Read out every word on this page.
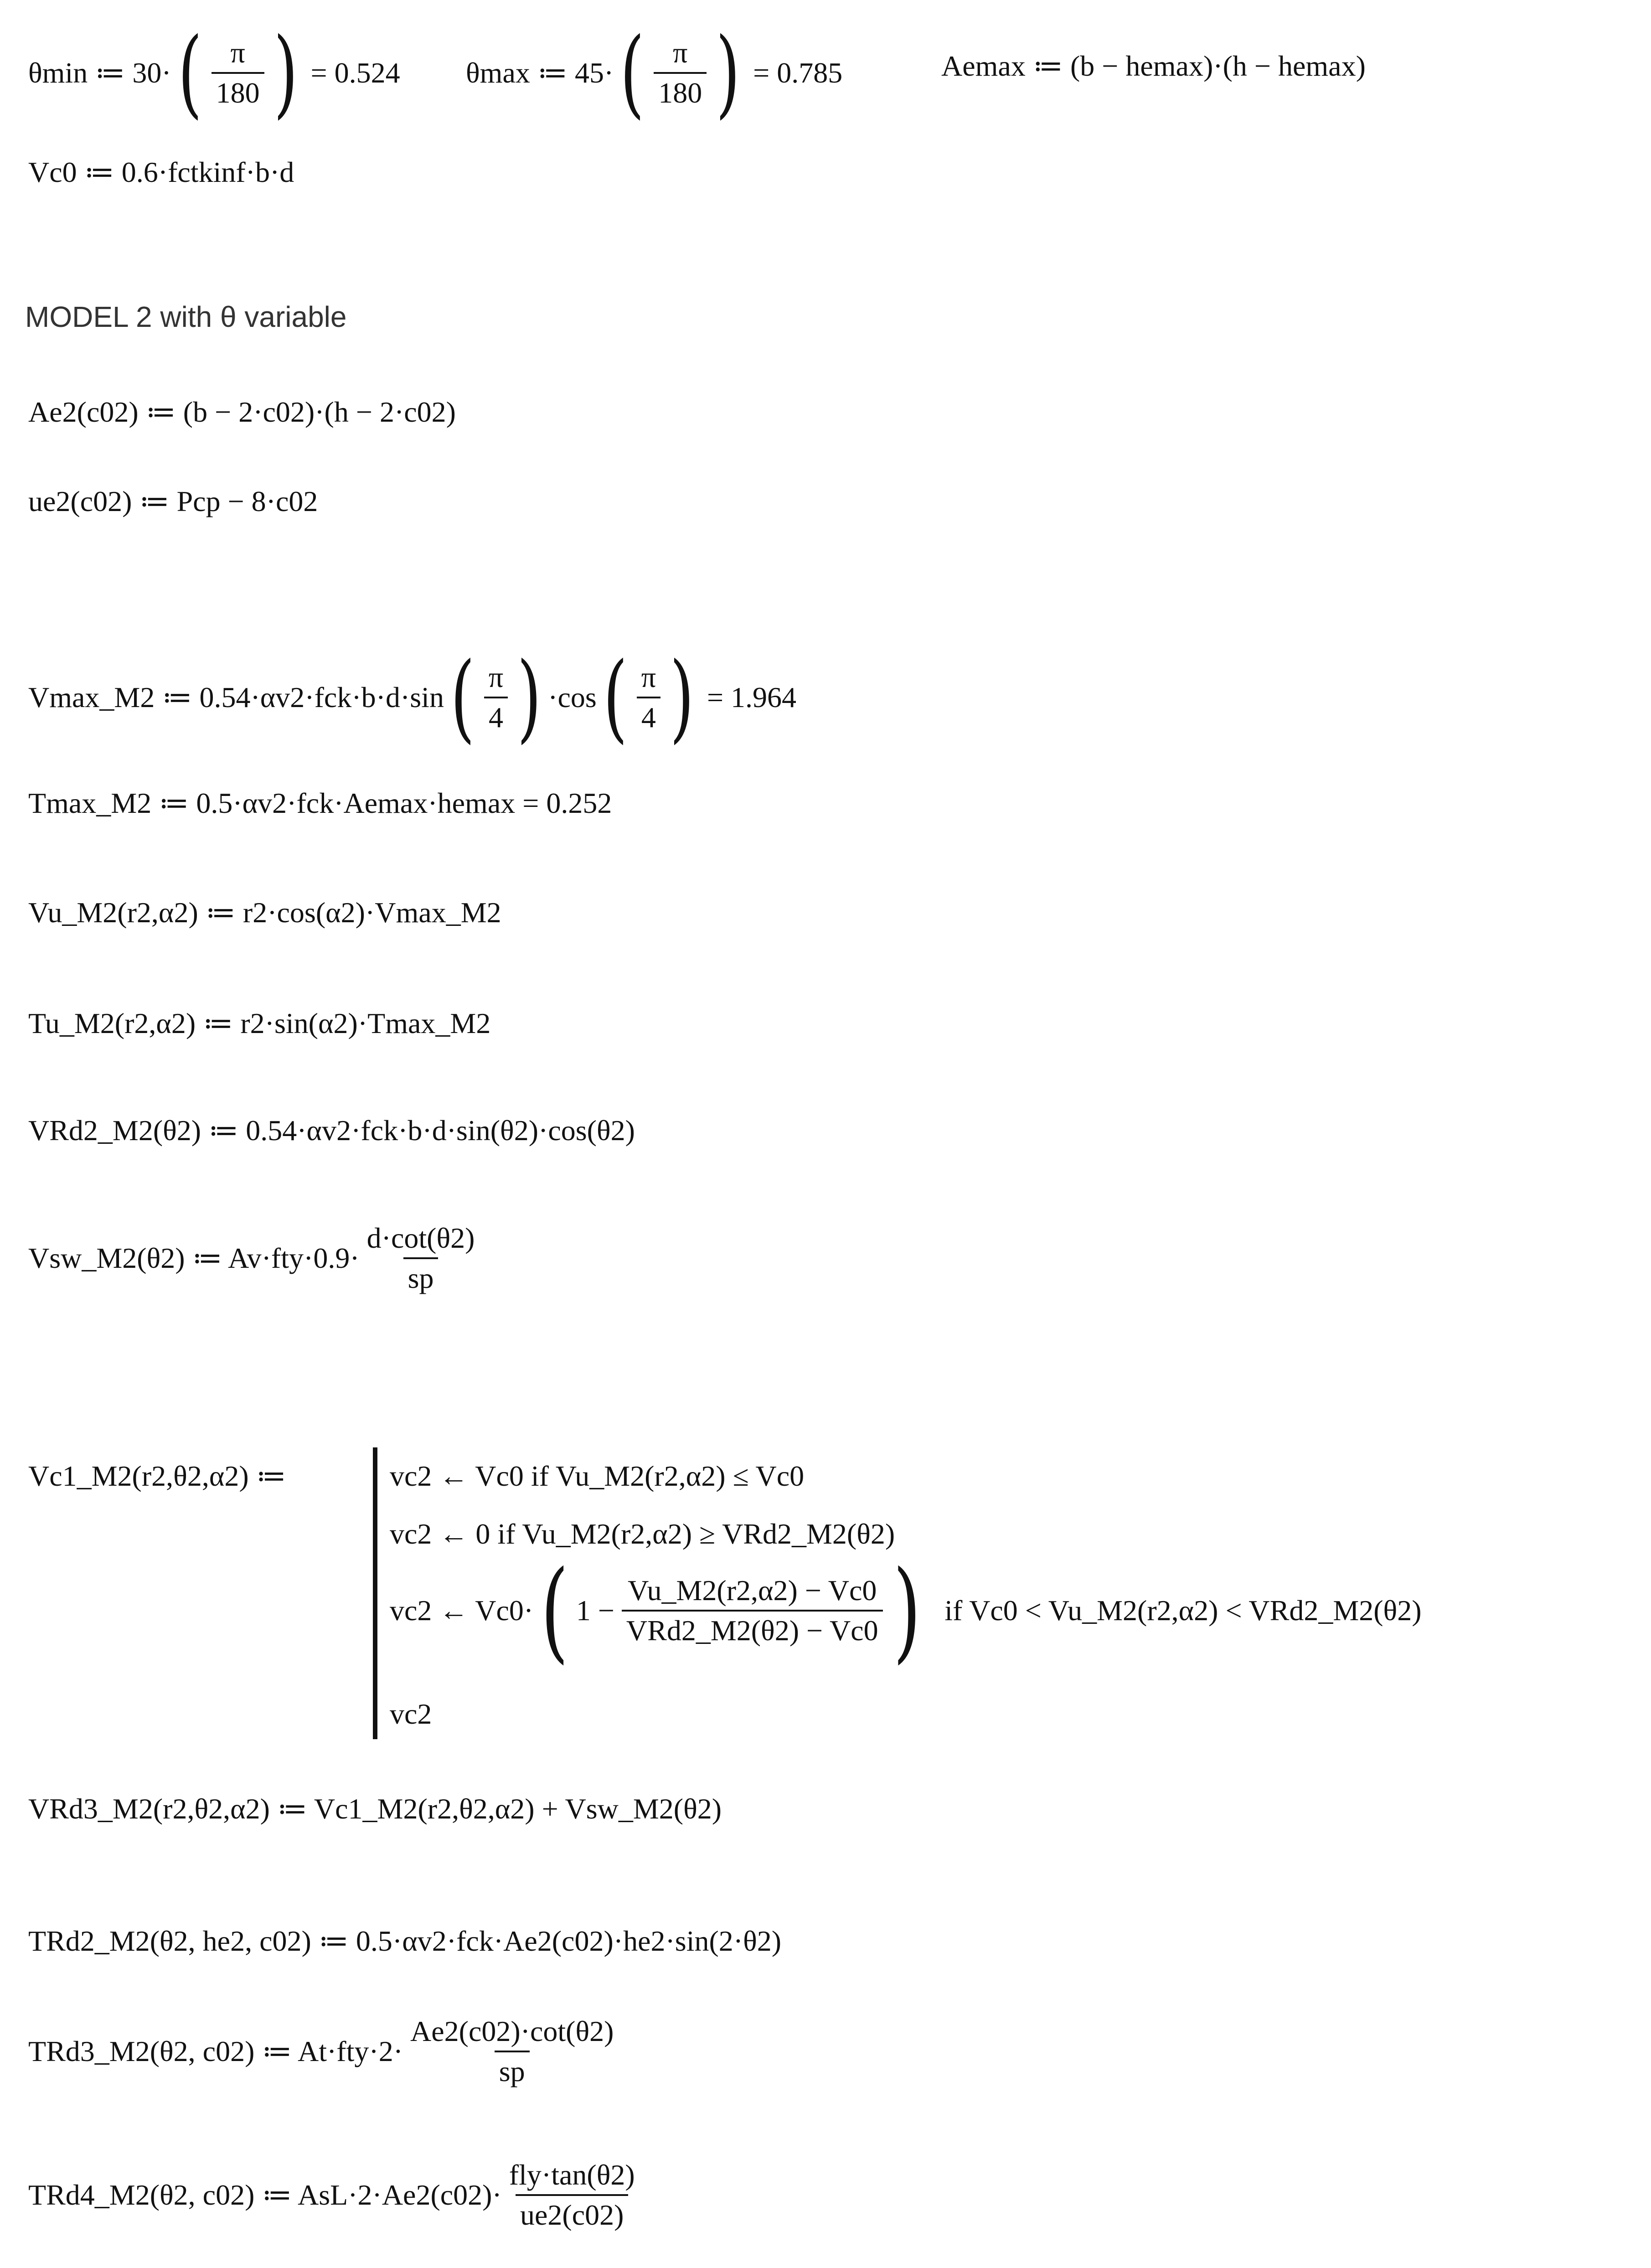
θmin ≔ 30· ( $\frac{\pi}{180}$ ) = 0.524 θmax ≔ 45· ( $\frac{\pi}{180}$ ) = 0.785	Aemax ≔ (b − hemax)·(h − hemax)
Vc0 ≔ 0.6·fctkinf·b·d
MODEL 2 with θ variable
Ae2(c02) ≔ (b − 2·c02)·(h − 2·c02)
ue2(c02) ≔ Pcp − 8·c02
Vmax_M2 ≔ 0.54·αv2·fck·b·d·sin ( $\frac{\pi}{4}$ ) ·cos ( $\frac{\pi}{4}$ ) = 1.964
Tmax_M2 ≔ 0.5·αv2·fck·Aemax·hemax = 0.252
Vu_M2(r2,α2) ≔ r2·cos(α2)·Vmax_M2
Tu_M2(r2,α2) ≔ r2·sin(α2)·Tmax_M2
VRd2_M2(θ2) ≔ 0.54·αv2·fck·b·d·sin(θ2)·cos(θ2)
Vsw_M2(θ2) ≔ $Av\cdot fty\cdot 0.9\cdot \frac{d\cdot\cot(\theta 2)}{sp}$
Vc1_M2(r2,θ2,α2) ≔	vc2 ← Vc0 if Vu_M2(r2,α2) ≤ Vc0
vc2 ← 0 if Vu_M2(r2,α2) ≥ VRd2_M2(θ2)
vc2 ← Vc0· ( $1 - \frac{Vu\_M2(r2,\alpha 2) - Vc0}{\text{VRd2\_M2(θ2) − Vc0}}$ ) if Vc0 < Vu_M2(r2,α2) < VRd2_M2(θ2)
vc2
VRd3_M2(r2,θ2,α2) ≔ Vc1_M2(r2,θ2,α2) + Vsw_M2(θ2)
TRd2_M2(θ2, he2, c02) ≔ 0.5·αv2·fck·Ae2(c02)·he2·sin(2·θ2)
TRd3_M2(θ2, c02) ≔ $At\cdot fty\cdot 2\cdot \frac{Ae2(c02)\cdot\cot(\theta 2)}{sp}$
TRd4_M2(θ2, c02) ≔ $AsL\cdot 2\cdot Ae2(c02)\cdot \frac{\text{fly·tan(θ2)}}{ue2(c02)}$
